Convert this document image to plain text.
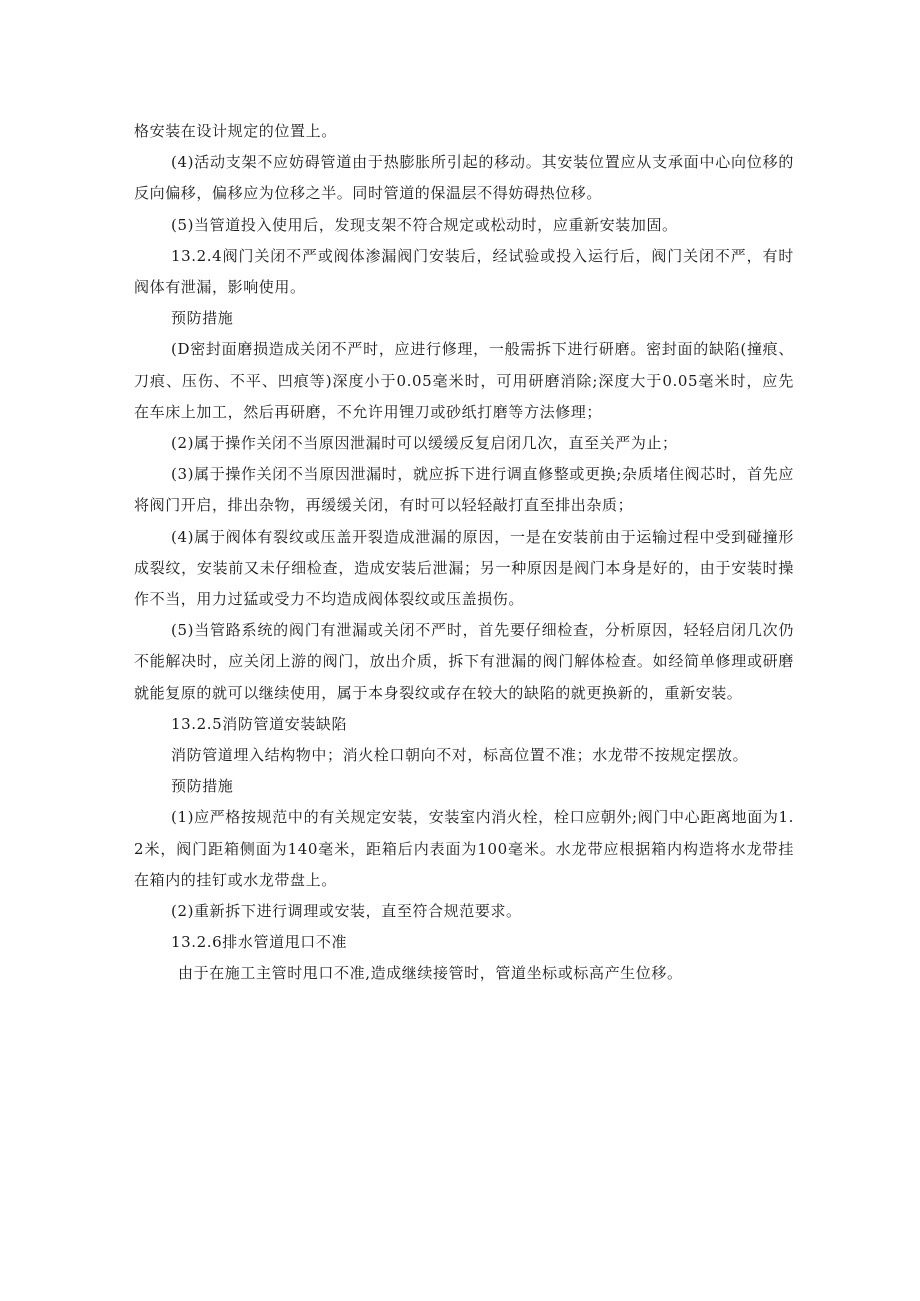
格安装在设计规定的位置上。

(4)活动支架不应妨碍管道由于热膨胀所引起的移动。其安装位置应从支承面中心向位移的反向偏移，偏移应为位移之半。同时管道的保温层不得妨碍热位移。

(5)当管道投入使用后，发现支架不符合规定或松动时，应重新安装加固。

13.2.4阀门关闭不严或阀体渗漏阀门安装后，经试验或投入运行后，阀门关闭不严，有时阀体有泄漏，影响使用。

预防措施

(D密封面磨损造成关闭不严时，应进行修理，一般需拆下进行研磨。密封面的缺陷(撞痕、刀痕、压伤、不平、凹痕等)深度小于0.05毫米时，可用研磨消除;深度大于0.05毫米时，应先在车床上加工，然后再研磨，不允许用锂刀或砂纸打磨等方法修理；

(2)属于操作关闭不当原因泄漏时可以缓缓反复启闭几次，直至关严为止；

(3)属于操作关闭不当原因泄漏时，就应拆下进行调直修整或更换;杂质堵住阀芯时，首先应将阀门开启，排出杂物，再缓缓关闭，有时可以轻轻敲打直至排出杂质；

(4)属于阀体有裂纹或压盖开裂造成泄漏的原因，一是在安装前由于运输过程中受到碰撞形成裂纹，安装前又未仔细检查，造成安装后泄漏；另一种原因是阀门本身是好的，由于安装时操作不当，用力过猛或受力不均造成阀体裂纹或压盖损伤。

(5)当管路系统的阀门有泄漏或关闭不严时，首先要仔细检查，分析原因，轻轻启闭几次仍不能解决时，应关闭上游的阀门，放出介质，拆下有泄漏的阀门解体检查。如经简单修理或研磨就能复原的就可以继续使用，属于本身裂纹或存在较大的缺陷的就更换新的，重新安装。

13.2.5消防管道安装缺陷

消防管道埋入结构物中；消火栓口朝向不对，标高位置不准；水龙带不按规定摆放。

预防措施

(1)应严格按规范中的有关规定安装，安装室内消火栓，栓口应朝外;阀门中心距离地面为1.2米，阀门距箱侧面为140毫米，距箱后内表面为100毫米。水龙带应根据箱内构造将水龙带挂在箱内的挂钉或水龙带盘上。

(2)重新拆下进行调理或安装，直至符合规范要求。

13.2.6排水管道甩口不准

由于在施工主管时甩口不准,造成继续接管时，管道坐标或标高产生位移。
